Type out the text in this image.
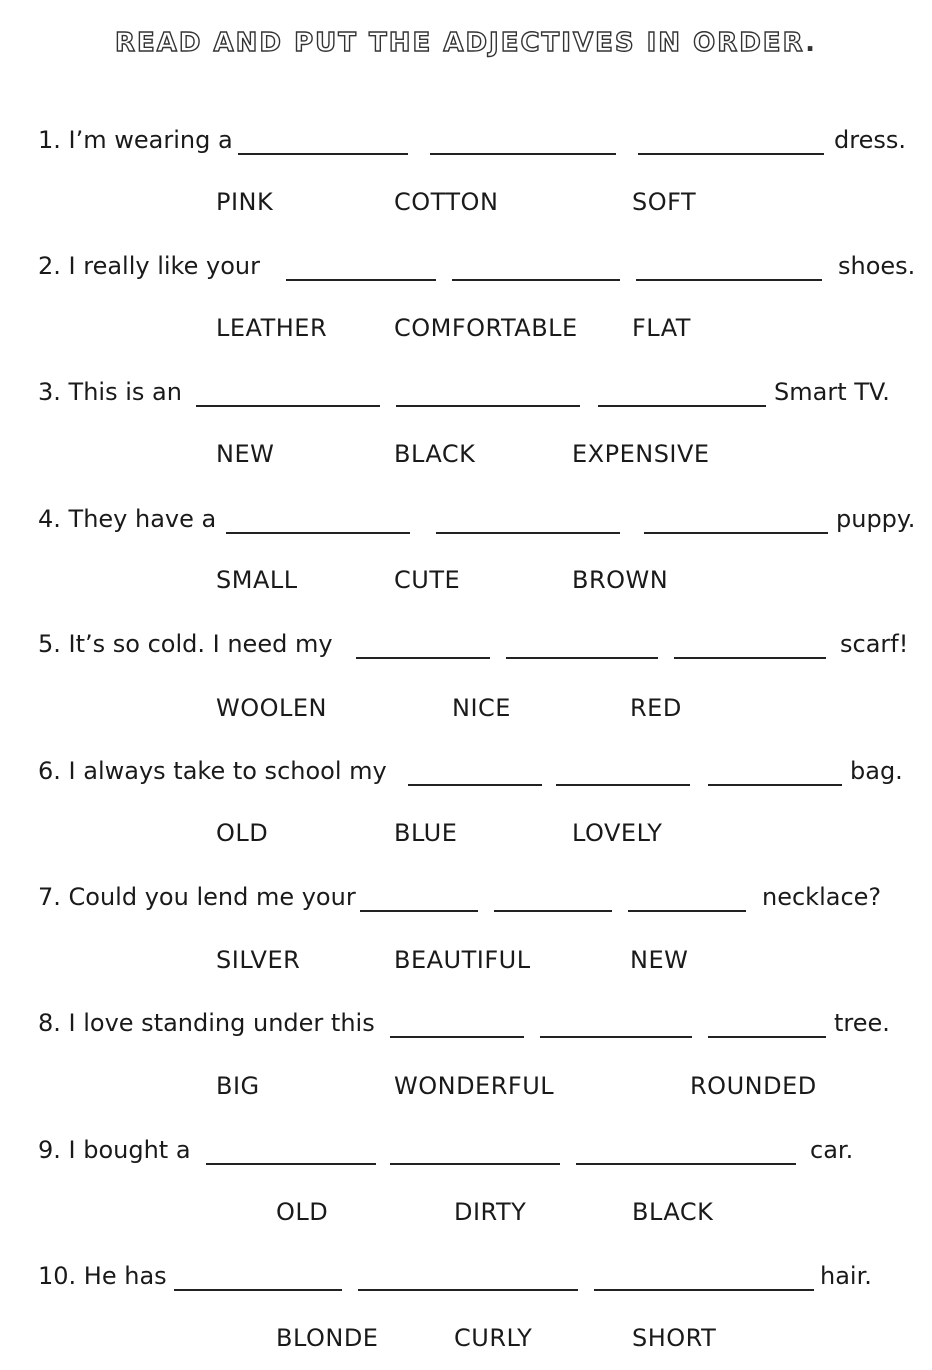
READ AND PUT THE ADJECTIVES IN ORDER.
1. I’m wearing a	dress.
PINK	COTTON	SOFT
2. I really like your	shoes.
LEATHER	COMFORTABLE FLAT
3. This is an	Smart TV.
NEW	BLACK	EXPENSIVE
4. They have a	puppy.
SMALL	CUTE	BROWN
5. It’s so cold. I need my	scarf!
WOOLEN	NICE	RED
6. I always take to school my	bag.
OLD	BLUE	LOVELY
7. Could you lend me your	necklace?
SILVER	BEAUTIFUL	NEW
8. I love standing under this	tree.
BIG	WONDERFUL	ROUNDED
9. I bought a	car.
OLD	DIRTY	BLACK
10. He has	hair.
BLONDE	CURLY	SHORT
